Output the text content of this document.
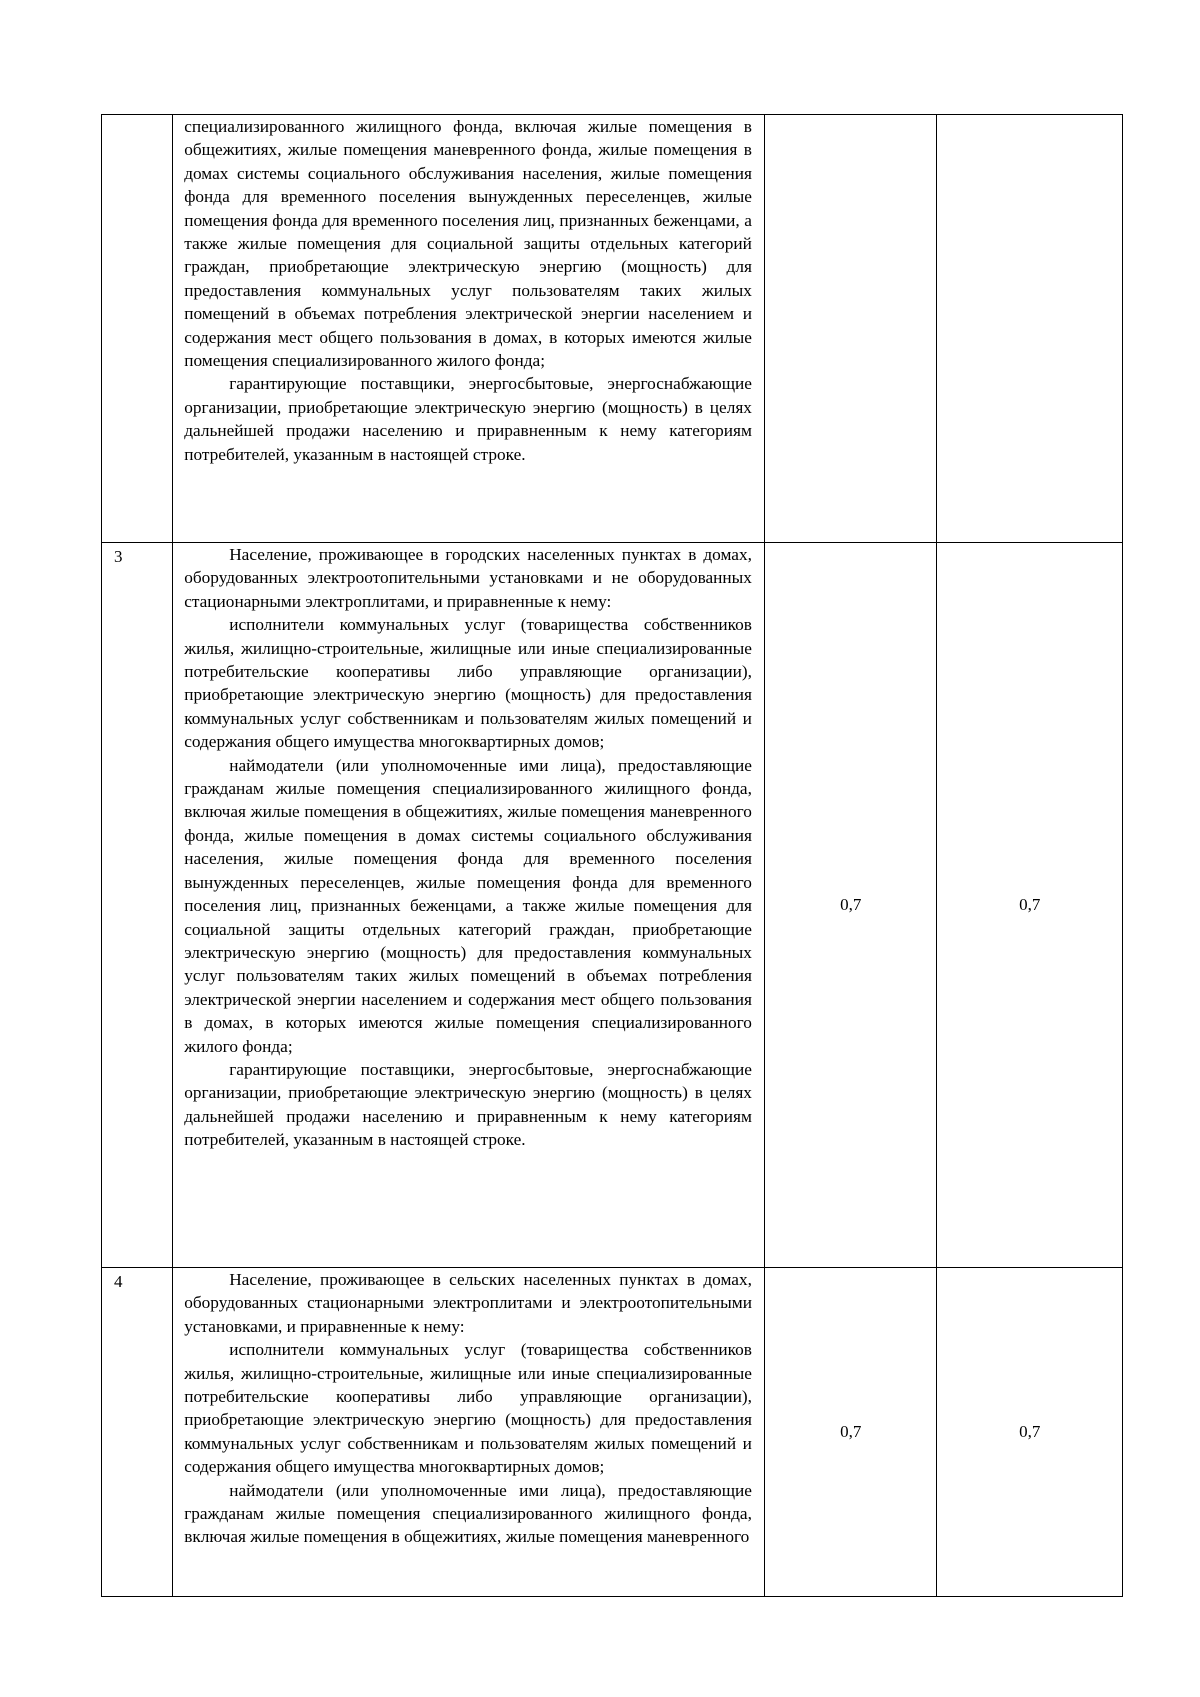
	специализированного жилищного фонда, включая жилые помещения в общежитиях, жилые помещения маневренного фонда, жилые помещения в домах системы социального обслуживания населения, жилые помещения фонда для временного поселения вынужденных переселенцев, жилые помещения фонда для временного поселения лиц, признанных беженцами, а также жилые помещения для социальной защиты отдельных категорий граждан, приобретающие электрическую энергию (мощность) для предоставления коммунальных услуг пользователям таких жилых помещений в объемах потребления электрической энергии населением и содержания мест общего пользования в домах, в которых имеются жилые помещения специализированного жилого фонда;

гарантирующие поставщики, энергосбытовые, энергоснабжающие организации, приобретающие электрическую энергию (мощность) в целях дальнейшей продажи населению и приравненным к нему категориям потребителей, указанным в настоящей строке.		

3	Население, проживающее в городских населенных пунктах в домах, оборудованных электроотопительными установками и не оборудованных стационарными электроплитами, и приравненные к нему:

исполнители коммунальных услуг (товарищества собственников жилья, жилищно-строительные, жилищные или иные специализированные потребительские кооперативы либо управляющие организации), приобретающие электрическую энергию (мощность) для предоставления коммунальных услуг собственникам и пользователям жилых помещений и содержания общего имущества многоквартирных домов;

наймодатели (или уполномоченные ими лица), предоставляющие гражданам жилые помещения специализированного жилищного фонда, включая жилые помещения в общежитиях, жилые помещения маневренного фонда, жилые помещения в домах системы социального обслуживания населения, жилые помещения фонда для временного поселения вынужденных переселенцев, жилые помещения фонда для временного поселения лиц, признанных беженцами, а также жилые помещения для социальной защиты отдельных категорий граждан, приобретающие электрическую энергию (мощность) для предоставления коммунальных услуг пользователям таких жилых помещений в объемах потребления электрической энергии населением и содержания мест общего пользования в домах, в которых имеются жилые помещения специализированного жилого фонда;

гарантирующие поставщики, энергосбытовые, энергоснабжающие организации, приобретающие электрическую энергию (мощность) в целях дальнейшей продажи населению и приравненным к нему категориям потребителей, указанным в настоящей строке.	0,7	0,7
4	Население, проживающее в сельских населенных пунктах в домах, оборудованных стационарными электроплитами и электроотопительными установками, и приравненные к нему:

исполнители коммунальных услуг (товарищества собственников жилья, жилищно-строительные, жилищные или иные специализированные потребительские кооперативы либо управляющие организации), приобретающие электрическую энергию (мощность) для предоставления коммунальных услуг собственникам и пользователям жилых помещений и содержания общего имущества многоквартирных домов;

наймодатели (или уполномоченные ими лица), предоставляющие гражданам жилые помещения специализированного жилищного фонда, включая жилые помещения в общежитиях, жилые помещения маневренного	0,7	0,7
